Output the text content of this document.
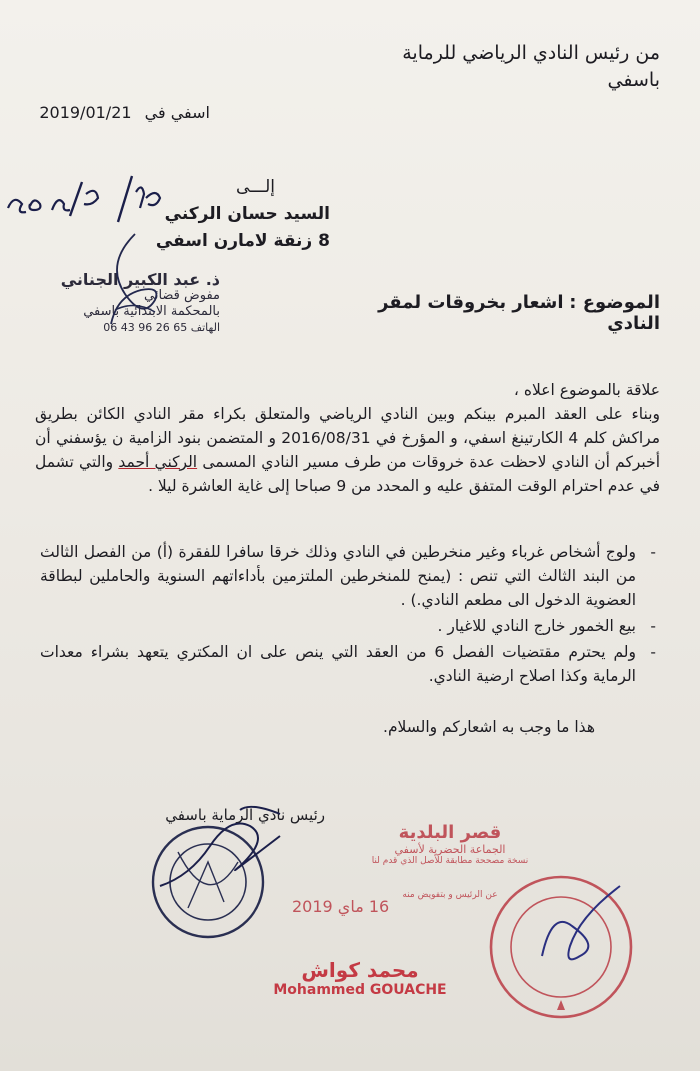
من رئيس النادي الرياضي للرماية
باسفي
2019/01/21 اسفي في
إلـــى
السيد حسان الركني
8 زنقة لامارن اسفي
ذ. عبد الكبير الجناني
مفوض قضائي
بالمحكمة الابتدائية باسفي
06 43 96 26 65 الهاتف
الموضوع : اشعار بخروقات لمقر النادي

علاقة بالموضوع اعلاه ،

وبناء على العقد المبرم بينكم وبين النادي الرياضي والمتعلق بكراء مقر النادي الكائن بطريق مراكش كلم 4 الكارتينغ اسفي، و المؤرخ في 2016/08/31 و المتضمن بنود الزامية ن يؤسفني أن أخبركم أن النادي لاحظت عدة خروقات من طرف مسير النادي المسمى الركني أحمد والتي تشمل في عدم احترام الوقت المتفق عليه و المحدد من 9 صباحا إلى غاية العاشرة ليلا .

- ولوج أشخاص غرباء وغير منخرطين في النادي وذلك خرقا سافرا للفقرة (أ) من الفصل الثالث من البند الثالث التي تنص : (يمنح للمنخرطين الملتزمين بأداءاتهم السنوية والحاملين لبطاقة العضوية الدخول الى مطعم النادي.) .
- بيع الخمور خارج النادي للاغيار .
- ولم يحترم مقتضيات الفصل 6 من العقد التي ينص على ان المكتري يتعهد بشراء معدات الرماية وكذا اصلاح ارضية النادي.
هذا ما وجب به اشعاركم والسلام.
رئيس نادي الرماية باسفي
قصر البلدية
الجماعة الحضرية لأسفي
نسخة مصححة مطابقة للأصل الذي قدم لنا
عن الرئيس و بتفويض منه
16 ماي 2019
محمد كواش
Mohammed GOUACHE
